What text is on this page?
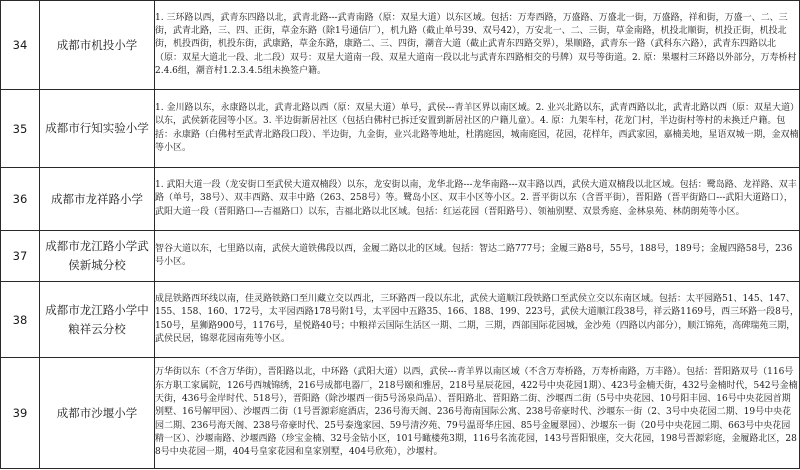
34	成都市机投小学	1. 三环路以西，武青东四路以北，武青北路---武青南路（原：双星大道）以东区域。包括：万寿西路，万盛路、万盛北一街，万盛路，祥和街，万盛一、二、三街，武青北路，三、四、正街，草金东路（除1号通信厂），机九路（截止单号39、双号42），万安北一、二、三街，草金南路，机投北顺街，机投正街，机投北街，机投西街，机投东街，武康路，草金东路，康路二、三、四街，潮音大道（截止武青东四路交界），果顺路，武青东一路（武科东六路），武青东四路以北（原：双星大道北一段、北二段）双号：双星大道南一段、双星大道南一段以北与武青东四路相交的号牌）双号等街道。2. 原：果堰村三环路以外部分，万寿桥村2.4.6组，潮音村1.2.3.4.5组未换签户籍。
35	成都市行知实验小学	1. 金川路以东，永康路以北，武青北路以西（原：双星大道）单号，武侯---青羊区界以南区域。2. 业兴北路以东，武青西路以北，武青北路以西（原：双星大道）以东，武侯新花园等小区。3. 半边街新居社区（包括白佛村已拆迁安置到新居社区的户籍儿童）。4. 原：九架车村，花龙门村，半边街村等村的未换迁户籍。包括：永康路（白佛村至武青北路段口段）、半边街，九金街，业兴北路等地址，杜鹃庭园，城南庭园，花园，花样年，西武家园，嘉楠美地，星语双城一期，金双楠等小区。
36	成都市龙祥路小学	1. 武阳大道一段（龙安街口至武侯大道双楠段）以东，龙安街以南，龙华北路---龙华南路---双丰路以西，武侯大道双楠段以北区域。包括：鹭岛路、龙祥路、双丰路（单号，38号）、双丰西路、双丰中路（263、258号）等。鹭岛小区、双丰小区等小区。2. 晋平街以东（含晋平街），晋阳路（晋平街路口---武阳大道路口），武阳大道一段（晋阳路口---吉福路口）以东，吉福北路以北区域。包括：红运花园（晋阳路号）、领袖别墅、双景秀庭、金林泉苑、林荫朗苑等小区。
37	成都市龙江路小学武侯新城分校	智谷大道以东，七里路以南，武侯大道铁佛段以西，金履二路以北的区域。包括：智达二路777号；金履三路8号，55号，188号，189号；金履四路58号，236号小区。
38	成都市龙江路小学中粮祥云分校	成昆铁路西环线以南，佳灵路铁路口至川藏立交以西北，三环路西一段以东北，武侯大道顺江段铁路口至武侯立交以东南区域。包括：太平园路51、145、147、155、158、160、172号，太平园西路178号附1号，太平园中五路35、166、188、199、223号，武侯大道顺江段38号，祥云路1169号，西三环路一段8号，150号，星狮路900号，1176号，星悦路40号；中粮祥云国际生活区一期、二期，三期，西部国际花园城，金沙苑（四路以内部分），顺江锦苑，高碑瑞苑三期，武侯民居，锦翠花园南苑等小区。
39	成都市沙堰小学	万华街以东（不含万华街），晋阳路以北，中环路（武阳大道）以西，武侯---青羊界以南区域（不含万寿桥路，万寿桥南路，万丰路）。包括：晋阳路双号（116号东方职工家属院，126号西城锦绣，216号成都电器厂，218号颐和雅居，218号星辰花园，422号中央花园1期）、423号金楠天街，432号金楠时代，542号金楠天街，436号金岸时代、518号），晋阳路（除沙堰西一街5号汤泉尚品）、晋阳路北、晋阳路二街、沙堰西二街（5号中央花园、10号阳丰园、16号中央花园首期别墅、16号解甲园）、沙堰西二街（1号晋源彩庭酒店，236号海天阁、236号海南国际公寓、238号帝豪时代、沙堰东一街（2、3号中央花园二期、19号中央花园二期、236号海天阁、238号帝豪时代、25号泰逸家园、59号清汐苑、79号温哥华庄园、85号金履翠园）、沙堰东一街（20号中央花园二期、663号中央花园精一区）、沙堰南路、沙堰西路（珍宝金楠、32号金钻小区，101号瞰楼苑3期，116号名流花园，143号晋阳银座，交大花园，198号晋源彩庭，金履路北区，288号中央花园一期，404号皇家花园和皇家别墅，404号欣苑），沙堰村。
